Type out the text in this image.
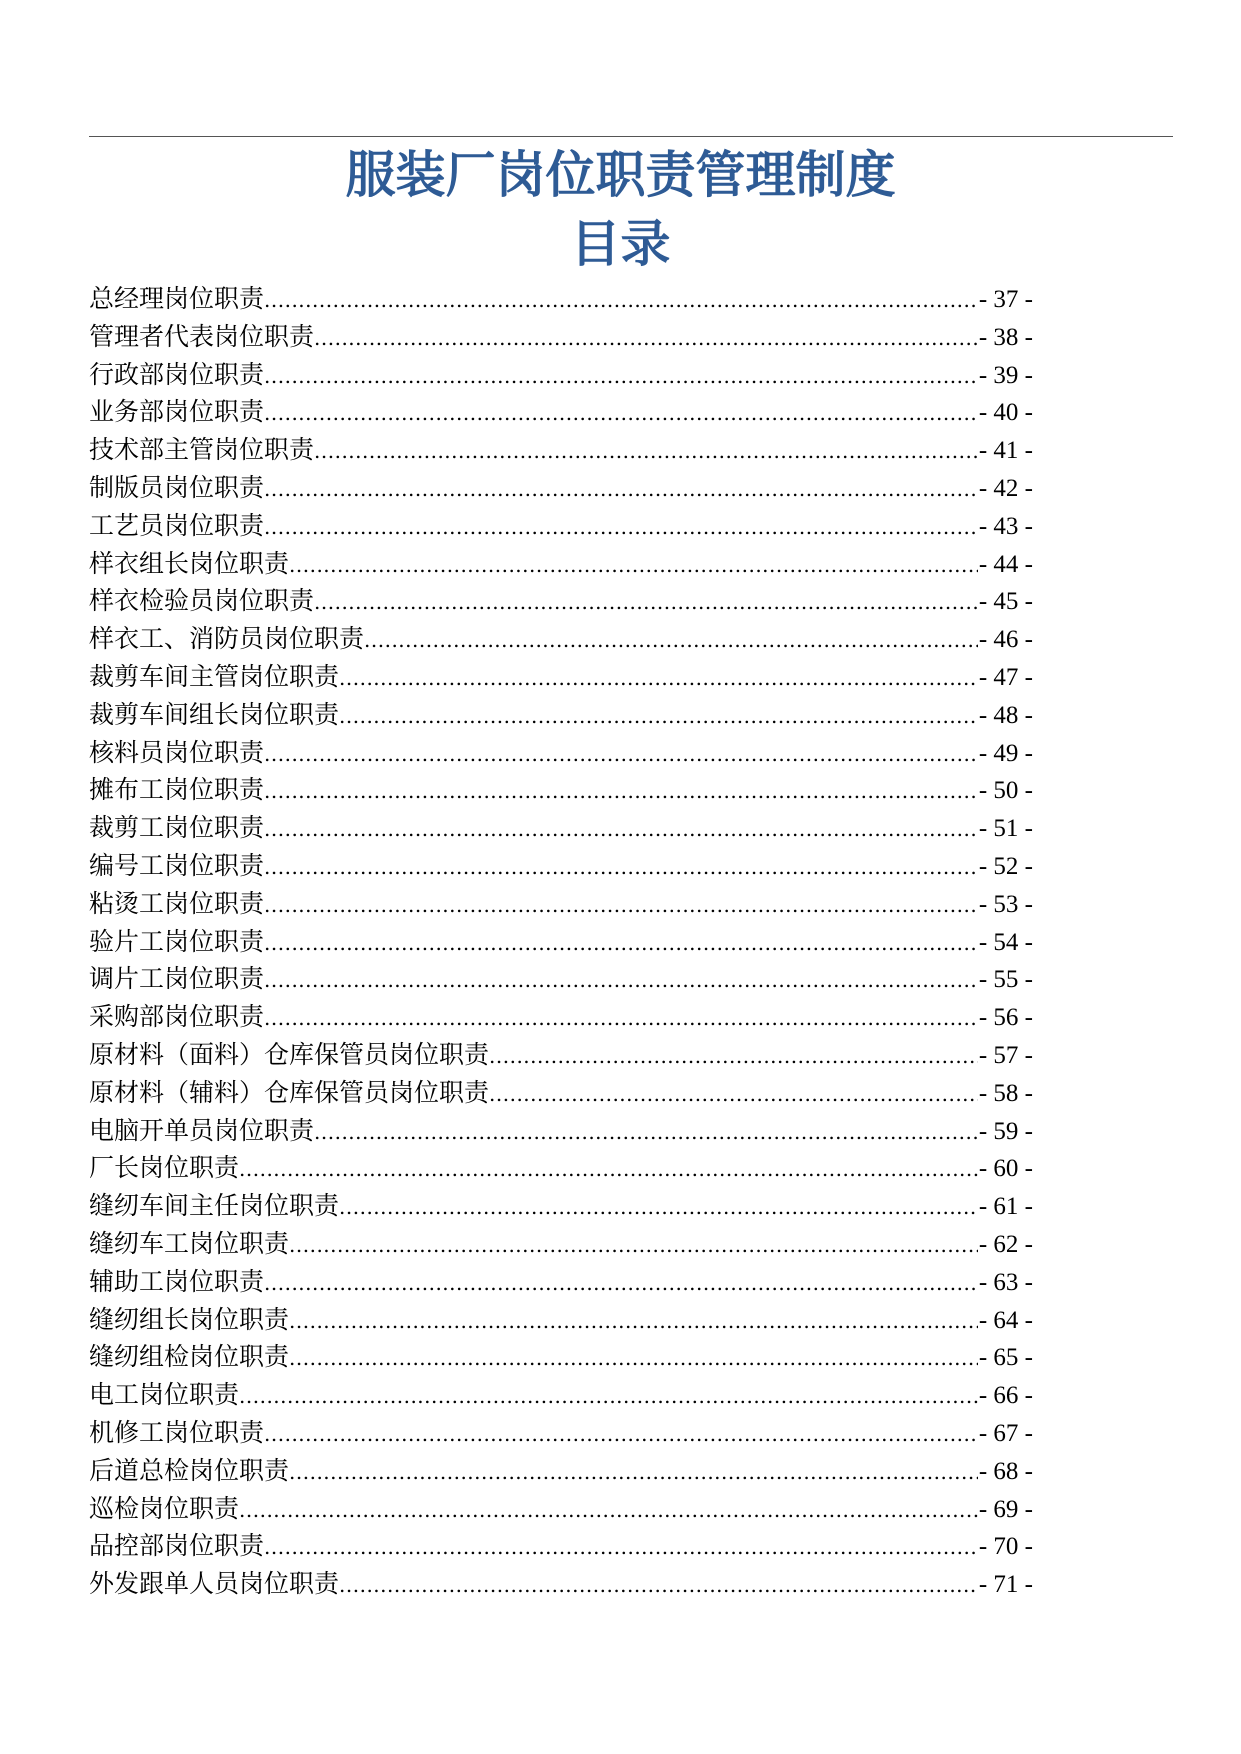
服装厂岗位职责管理制度
目录
总经理岗位职责 .....	- 37 -
管理者代表岗位职责 .....	- 38 -
行政部岗位职责 .....	- 39 -
业务部岗位职责 .....	- 40 -
技术部主管岗位职责 .....	- 41 -
制版员岗位职责 .....	- 42 -
工艺员岗位职责 .....	- 43 -
样衣组长岗位职责 .....	- 44 -
样衣检验员岗位职责 .....	- 45 -
样衣工、消防员岗位职责 .....	- 46 -
裁剪车间主管岗位职责 .....	- 47 -
裁剪车间组长岗位职责 .....	- 48 -
核料员岗位职责 .....	- 49 -
摊布工岗位职责 .....	- 50 -
裁剪工岗位职责 .....	- 51 -
编号工岗位职责 .....	- 52 -
粘烫工岗位职责 .....	- 53 -
验片工岗位职责 .....	- 54 -
调片工岗位职责 .....	- 55 -
采购部岗位职责 .....	- 56 -
原材料（面料）仓库保管员岗位职责 .....	- 57 -
原材料（辅料）仓库保管员岗位职责 .....	- 58 -
电脑开单员岗位职责 .....	- 59 -
厂长岗位职责 .....	- 60 -
缝纫车间主任岗位职责 .....	- 61 -
缝纫车工岗位职责 .....	- 62 -
辅助工岗位职责 .....	- 63 -
缝纫组长岗位职责 .....	- 64 -
缝纫组检岗位职责 .....	- 65 -
电工岗位职责 .....	- 66 -
机修工岗位职责 .....	- 67 -
后道总检岗位职责 .....	- 68 -
巡检岗位职责 .....	- 69 -
品控部岗位职责 .....	- 70 -
外发跟单人员岗位职责 .....	- 71 -
